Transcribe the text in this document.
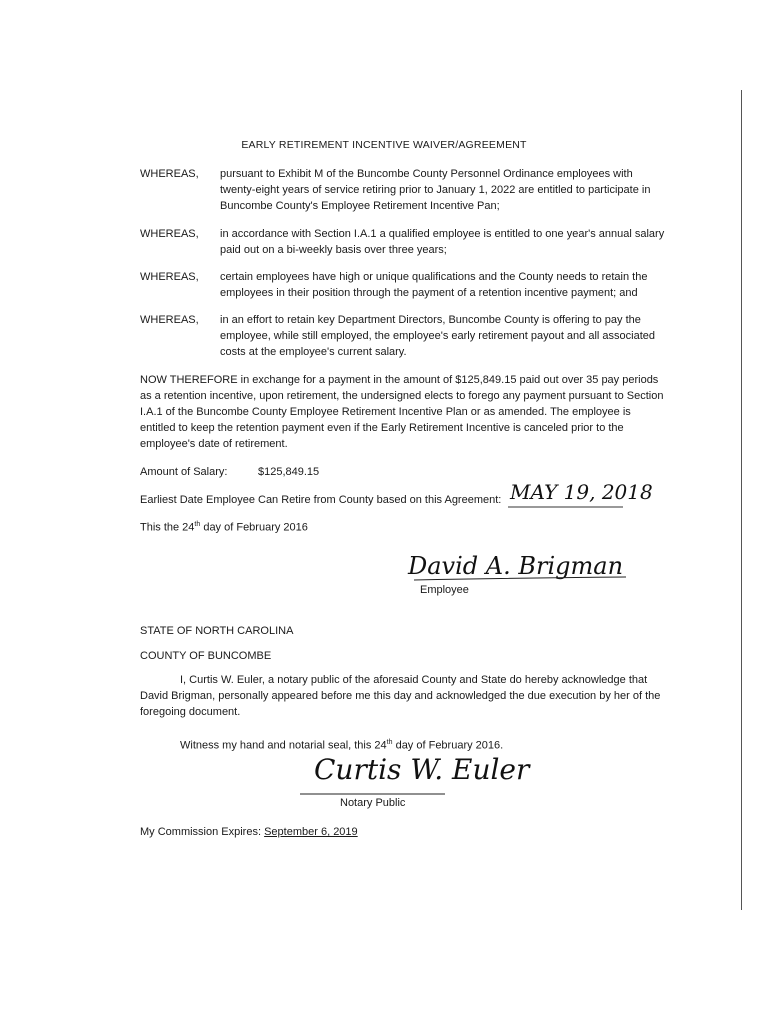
EARLY RETIREMENT INCENTIVE WAIVER/AGREEMENT
WHEREAS,	pursuant to Exhibit M of the Buncombe County Personnel Ordinance employees with twenty-eight years of service retiring prior to January 1, 2022 are entitled to participate in Buncombe County's Employee Retirement Incentive Pan;
WHEREAS,	in accordance with Section I.A.1 a qualified employee is entitled to one year's annual salary paid out on a bi-weekly basis over three years;
WHEREAS,	certain employees have high or unique qualifications and the County needs to retain the employees in their position through the payment of a retention incentive payment; and
WHEREAS,	in an effort to retain key Department Directors, Buncombe County is offering to pay the employee, while still employed, the employee's early retirement payout and all associated costs at the employee's current salary.
NOW THEREFORE in exchange for a payment in the amount of $125,849.15 paid out over 35 pay periods as a retention incentive, upon retirement, the undersigned elects to forego any payment pursuant to Section I.A.1 of the Buncombe County Employee Retirement Incentive Plan or as amended. The employee is entitled to keep the retention payment even if the Early Retirement Incentive is canceled prior to the employee's date of retirement.
Amount of Salary:	$125,849.15
Earliest Date Employee Can Retire from County based on this Agreement: MAY 19, 2018
This the 24th day of February 2016
David A. Brigman
Employee
STATE OF NORTH CAROLINA
COUNTY OF BUNCOMBE
I, Curtis W. Euler, a notary public of the aforesaid County and State do hereby acknowledge that David Brigman, personally appeared before me this day and acknowledged the due execution by her of the foregoing document.
Witness my hand and notarial seal, this 24th day of February 2016.
Curtis W. Euler
Notary Public
My Commission Expires: September 6, 2019
